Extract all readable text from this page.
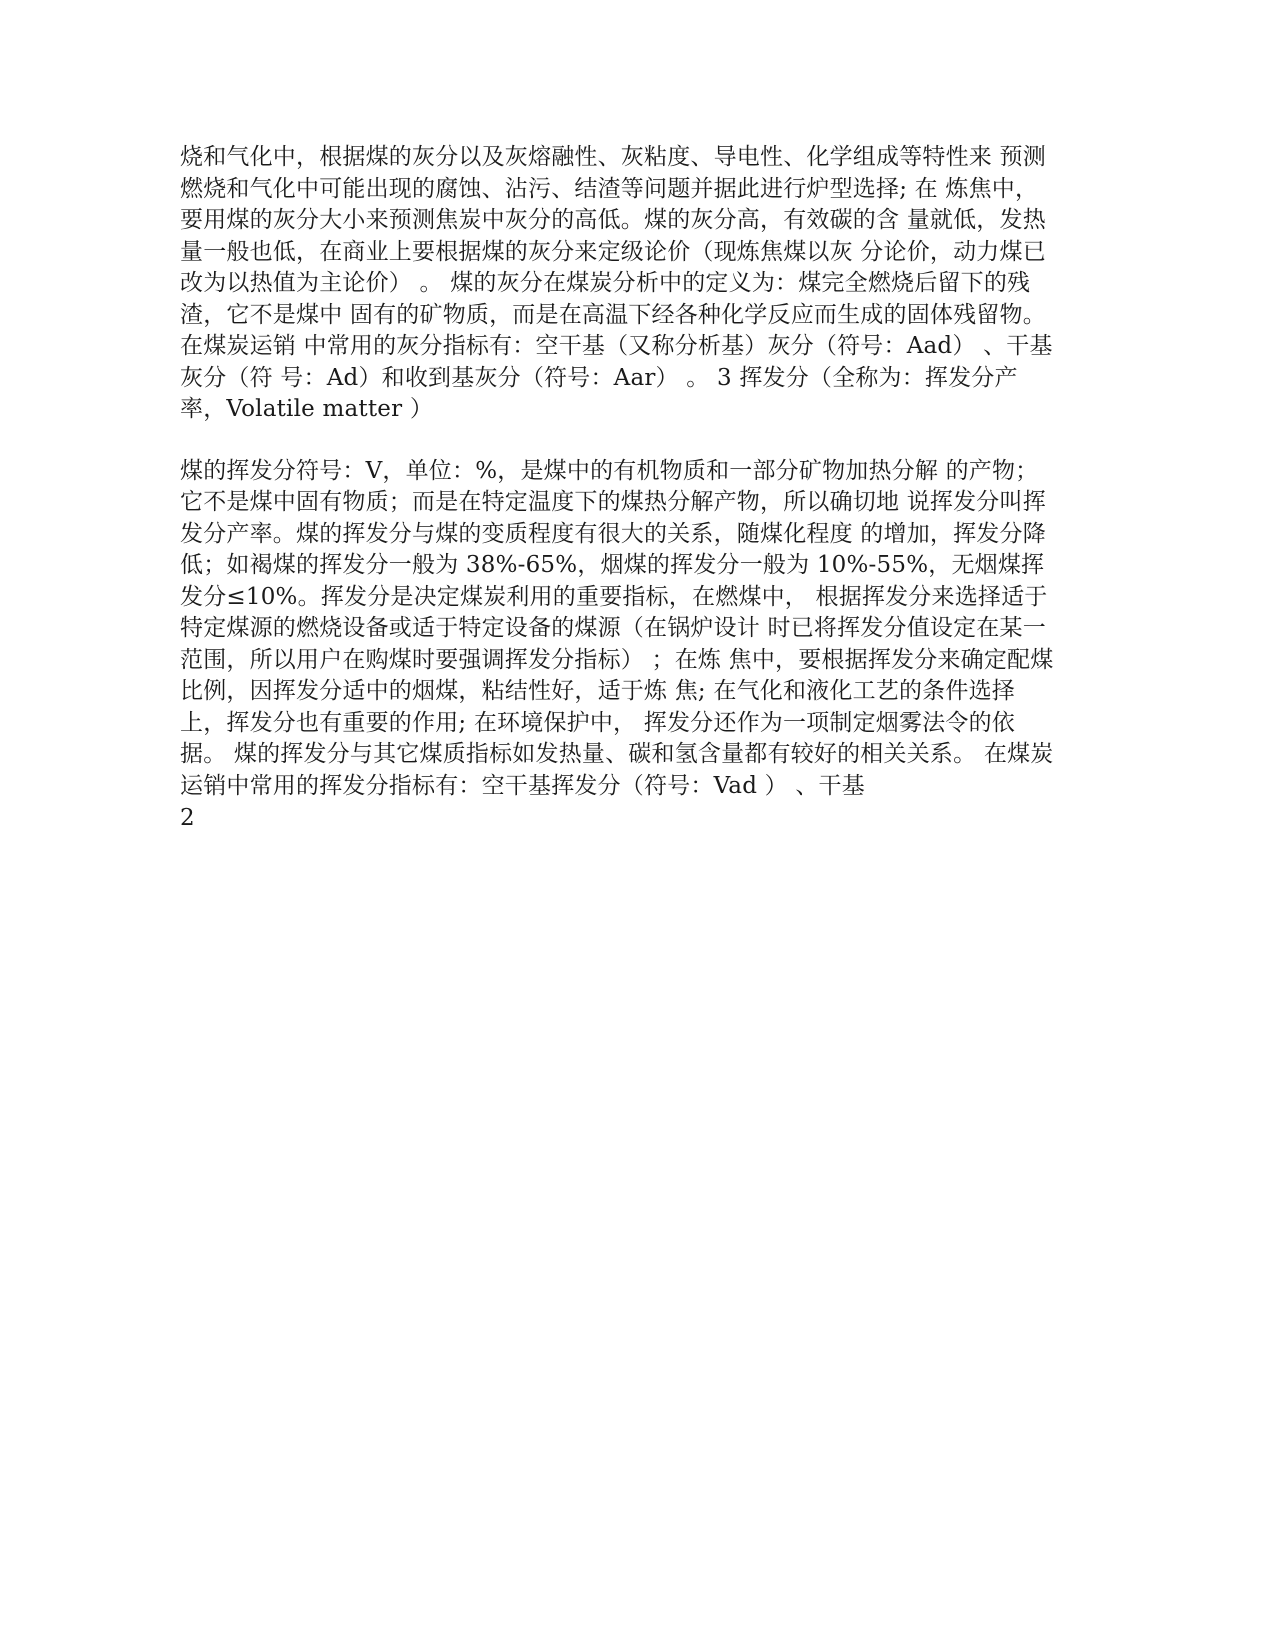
烧和气化中，根据煤的灰分以及灰熔融性、灰粘度、导电性、化学组成等特性来 预测燃烧和气化中可能出现的腐蚀、沾污、结渣等问题并据此进行炉型选择; 在 炼焦中，要用煤的灰分大小来预测焦炭中灰分的高低。煤的灰分高，有效碳的含 量就低，发热量一般也低，在商业上要根据煤的灰分来定级论价（现炼焦煤以灰 分论价，动力煤已改为以热值为主论价） 。 煤的灰分在煤炭分析中的定义为：煤完全燃烧后留下的残渣，它不是煤中 固有的矿物质，而是在高温下经各种化学反应而生成的固体残留物。在煤炭运销 中常用的灰分指标有：空干基（又称分析基）灰分（符号：Aad） 、干基灰分（符 号：Ad）和收到基灰分（符号：Aar） 。 3 挥发分（全称为：挥发分产率，Volatile matter ）

煤的挥发分符号：V，单位：%，是煤中的有机物质和一部分矿物加热分解 的产物；它不是煤中固有物质；而是在特定温度下的煤热分解产物，所以确切地 说挥发分叫挥发分产率。煤的挥发分与煤的变质程度有很大的关系，随煤化程度 的增加，挥发分降低；如褐煤的挥发分一般为 38%-65%，烟煤的挥发分一般为 10%-55%，无烟煤挥发分≤10%。挥发分是决定煤炭利用的重要指标，在燃煤中， 根据挥发分来选择适于特定煤源的燃烧设备或适于特定设备的煤源（在锅炉设计 时已将挥发分值设定在某一范围，所以用户在购煤时要强调挥发分指标） ；在炼 焦中，要根据挥发分来确定配煤比例，因挥发分适中的烟煤，粘结性好，适于炼 焦; 在气化和液化工艺的条件选择上，挥发分也有重要的作用; 在环境保护中， 挥发分还作为一项制定烟雾法令的依据。 煤的挥发分与其它煤质指标如发热量、碳和氢含量都有较好的相关关系。 在煤炭运销中常用的挥发分指标有：空干基挥发分（符号：Vad ） 、干基

2
